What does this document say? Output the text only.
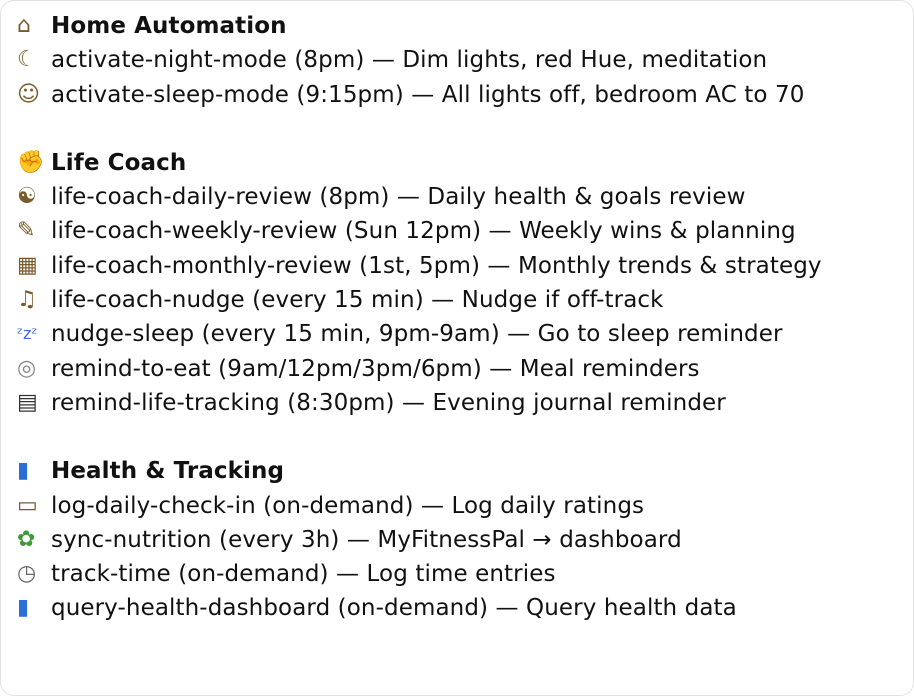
⌂ Home Automation
☾ activate-night-mode (8pm) — Dim lights, red Hue, meditation
☺ activate-sleep-mode (9:15pm) — All lights off, bedroom AC to 70
✊ Life Coach
☯ life-coach-daily-review (8pm) — Daily health & goals review
✎ life-coach-weekly-review (Sun 12pm) — Weekly wins & planning
▦ life-coach-monthly-review (1st, 5pm) — Monthly trends & strategy
♫ life-coach-nudge (every 15 min) — Nudge if off-track
ᶻzᶻ nudge-sleep (every 15 min, 9pm-9am) — Go to sleep reminder
◎ remind-to-eat (9am/12pm/3pm/6pm) — Meal reminders
▤ remind-life-tracking (8:30pm) — Evening journal reminder
▮ Health & Tracking
▭ log-daily-check-in (on-demand) — Log daily ratings
✿ sync-nutrition (every 3h) — MyFitnessPal → dashboard
◷ track-time (on-demand) — Log time entries
▮ query-health-dashboard (on-demand) — Query health data
